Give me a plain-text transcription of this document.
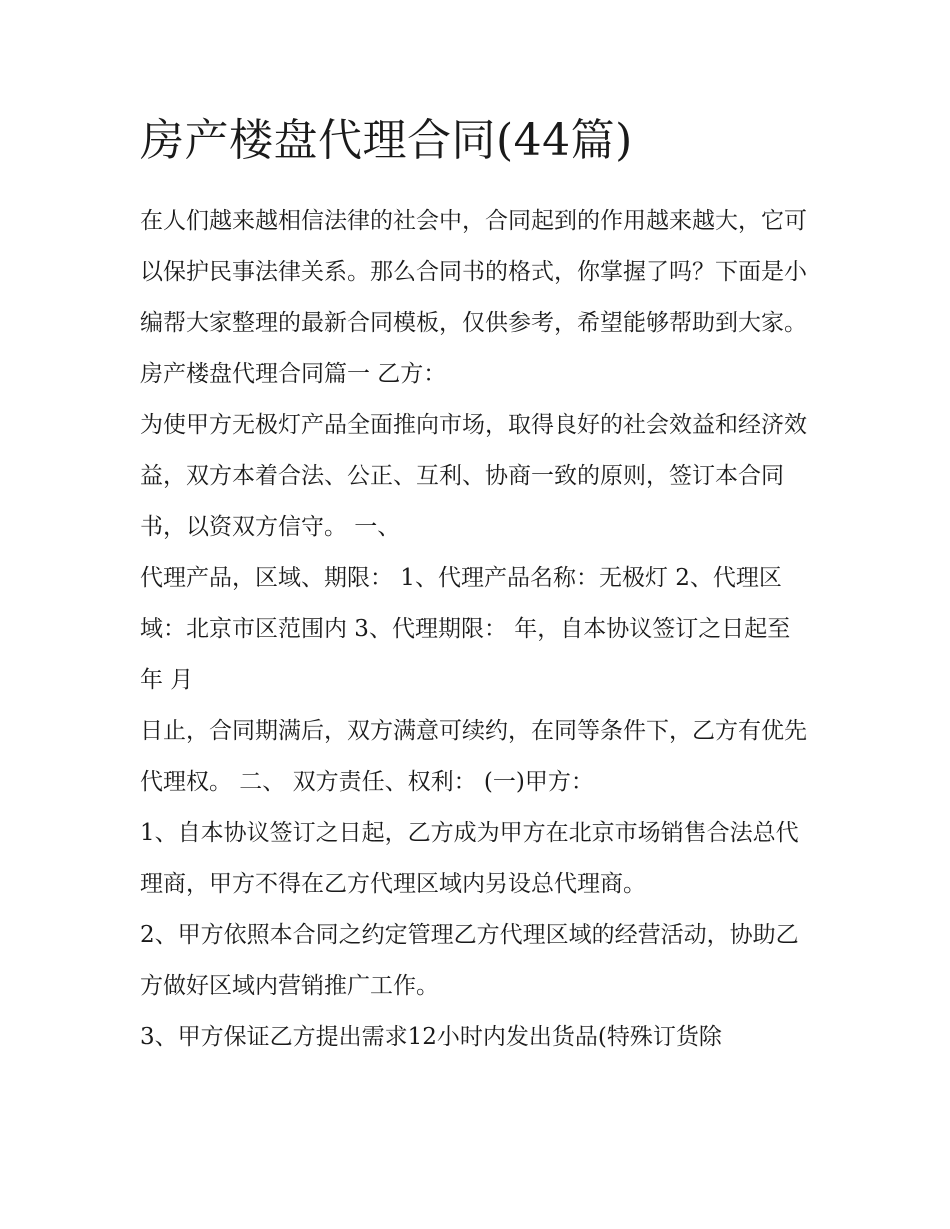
房产楼盘代理合同(44篇)

在人们越来越相信法律的社会中，合同起到的作用越来越大，它可以保护民事法律关系。那么合同书的格式，你掌握了吗？下面是小编帮大家整理的最新合同模板，仅供参考，希望能够帮助到大家。

房产楼盘代理合同篇一 乙方：

为使甲方无极灯产品全面推向市场，取得良好的社会效益和经济效益，双方本着合法、公正、互利、协商一致的原则，签订本合同书，以资双方信守。 一、

代理产品，区域、期限： 1、代理产品名称：无极灯 2、代理区域：北京市区范围内 3、代理期限： 年，自本协议签订之日起至 年 月

日止，合同期满后，双方满意可续约，在同等条件下，乙方有优先代理权。 二、 双方责任、权利： (一)甲方：

1、自本协议签订之日起，乙方成为甲方在北京市场销售合法总代理商，甲方不得在乙方代理区域内另设总代理商。

2、甲方依照本合同之约定管理乙方代理区域的经营活动，协助乙方做好区域内营销推广工作。

3、甲方保证乙方提出需求12小时内发出货品(特殊订货除
